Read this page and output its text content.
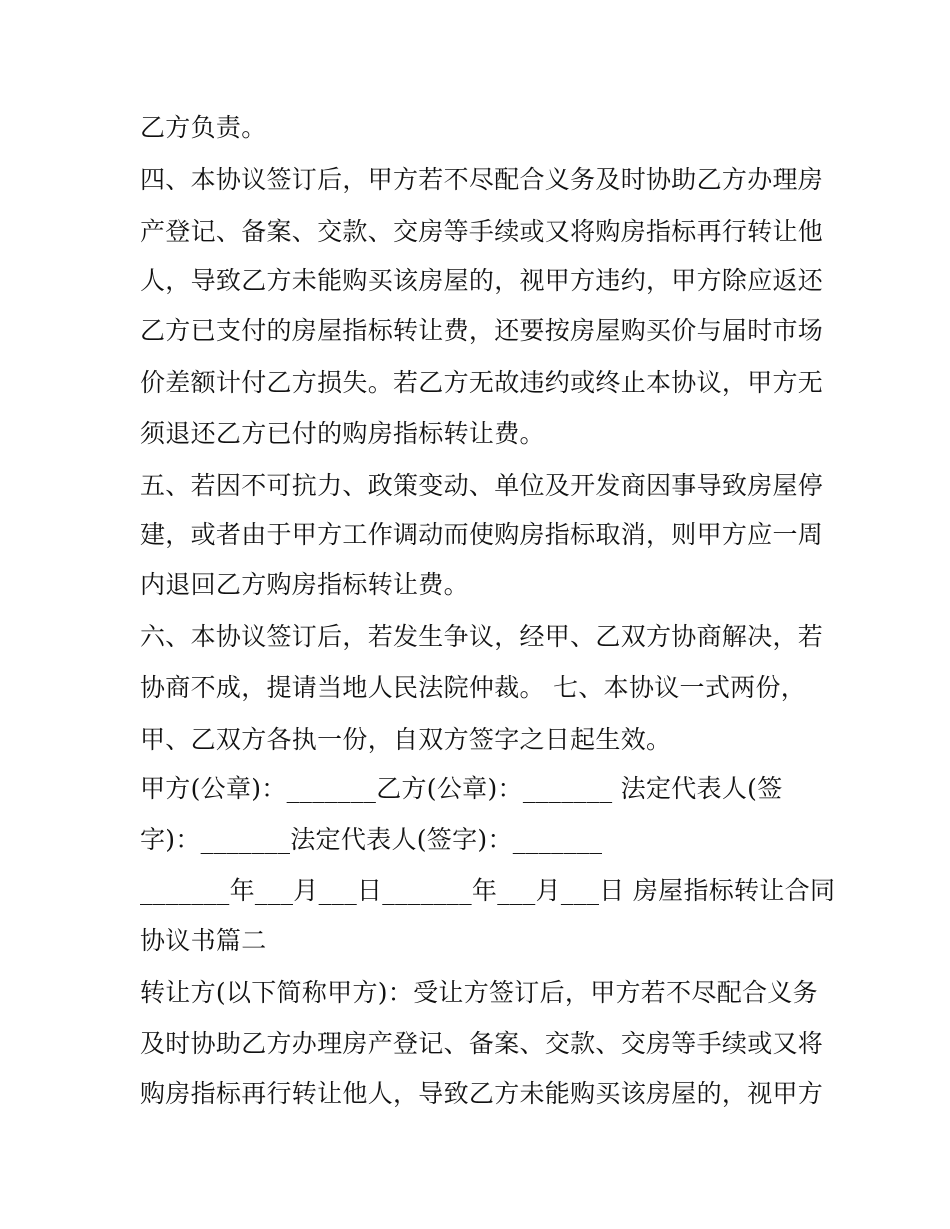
乙方负责。
四、本协议签订后，甲方若不尽配合义务及时协助乙方办理房
产登记、备案、交款、交房等手续或又将购房指标再行转让他
人，导致乙方未能购买该房屋的，视甲方违约，甲方除应返还
乙方已支付的房屋指标转让费，还要按房屋购买价与届时市场
价差额计付乙方损失。若乙方无故违约或终止本协议，甲方无
须退还乙方已付的购房指标转让费。
五、若因不可抗力、政策变动、单位及开发商因事导致房屋停
建，或者由于甲方工作调动而使购房指标取消，则甲方应一周
内退回乙方购房指标转让费。
六、本协议签订后，若发生争议，经甲、乙双方协商解决，若
协商不成，提请当地人民法院仲裁。 七、本协议一式两份，
甲、乙双方各执一份，自双方签字之日起生效。
甲方(公章)：_______乙方(公章)：_______ 法定代表人(签
字)：_______法定代表人(签字)：_______
_______年___月___日_______年___月___日 房屋指标转让合同
协议书篇二
转让方(以下简称甲方)：受让方签订后，甲方若不尽配合义务
及时协助乙方办理房产登记、备案、交款、交房等手续或又将
购房指标再行转让他人，导致乙方未能购买该房屋的，视甲方
